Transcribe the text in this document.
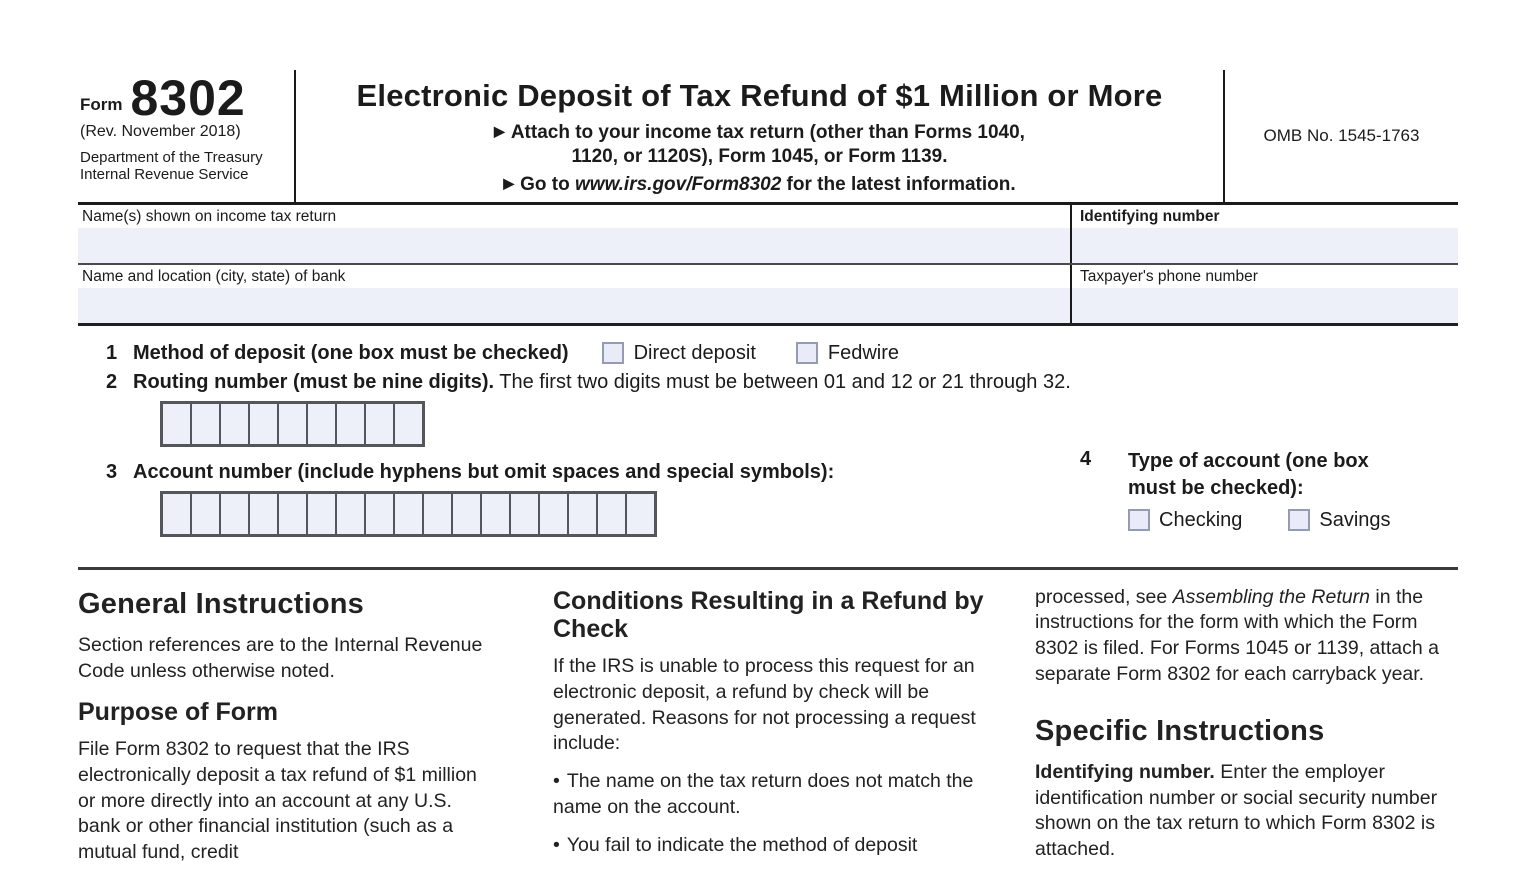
Form 8302
(Rev. November 2018)
Department of the Treasury
Internal Revenue Service
Electronic Deposit of Tax Refund of $1 Million or More
▶ Attach to your income tax return (other than Forms 1040,
1120, or 1120S), Form 1045, or Form 1139.
▶ Go to www.irs.gov/Form8302 for the latest information.
OMB No. 1545-1763
Name(s) shown on income tax return	Identifying number
Name and location (city, state) of bank	Taxpayer's phone number
1 Method of deposit (one box must be checked)	Direct deposit	Fedwire
2 Routing number (must be nine digits). The first two digits must be between 01 and 12 or 21 through 32.
3 Account number (include hyphens but omit spaces and special symbols):
4	Type of account (one box must be checked):
Checking	Savings
General Instructions
Section references are to the Internal Revenue Code unless otherwise noted.
Purpose of Form
File Form 8302 to request that the IRS electronically deposit a tax refund of $1 million or more directly into an account at any U.S. bank or other financial institution (such as a mutual fund, credit
Conditions Resulting in a Refund by Check
If the IRS is unable to process this request for an electronic deposit, a refund by check will be generated. Reasons for not processing a request include:
• The name on the tax return does not match the name on the account.
• You fail to indicate the method of deposit
processed, see Assembling the Return in the instructions for the form with which the Form 8302 is filed. For Forms 1045 or 1139, attach a separate Form 8302 for each carryback year.
Specific Instructions
Identifying number. Enter the employer identification number or social security number shown on the tax return to which Form 8302 is attached.
